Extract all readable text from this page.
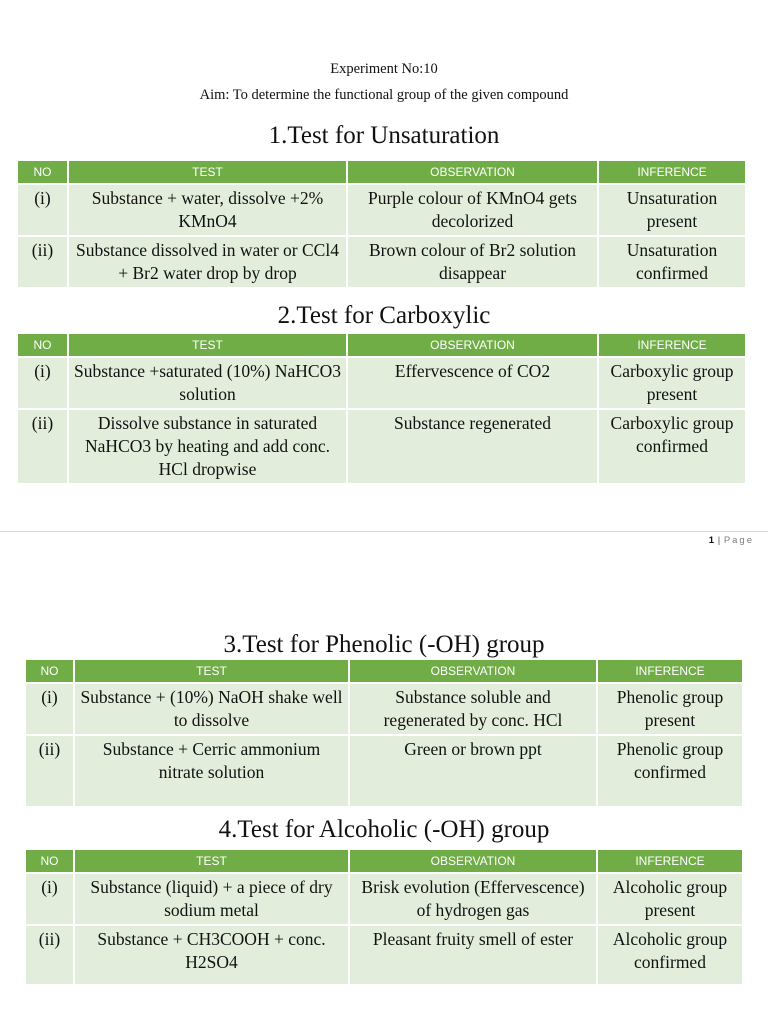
Experiment No:10
Aim: To determine the functional group of the given compound
1.Test for Unsaturation
NO	TEST	OBSERVATION	INFERENCE
(i)	Substance + water, dissolve +2% KMnO4	Purple colour of KMnO4 gets decolorized	Unsaturation present
(ii)	Substance dissolved in water or CCl4 + Br2 water drop by drop	Brown colour of Br2 solution disappear	Unsaturation confirmed
2.Test for Carboxylic
NO	TEST	OBSERVATION	INFERENCE
(i)	Substance +saturated (10%) NaHCO3 solution	Effervescence of CO2	Carboxylic group present
(ii)	Dissolve substance in saturated NaHCO3 by heating and add conc. HCl dropwise	Substance regenerated	Carboxylic group confirmed
1 | Page
3.Test for Phenolic (-OH) group
NO	TEST	OBSERVATION	INFERENCE
(i)	Substance + (10%) NaOH shake well to dissolve	Substance soluble and regenerated by conc. HCl	Phenolic group present
(ii)	Substance + Cerric ammonium nitrate solution	Green or brown ppt	Phenolic group confirmed
4.Test for Alcoholic (-OH) group
NO	TEST	OBSERVATION	INFERENCE
(i)	Substance (liquid) + a piece of dry sodium metal	Brisk evolution (Effervescence) of hydrogen gas	Alcoholic group present
(ii)	Substance + CH3COOH + conc. H2SO4	Pleasant fruity smell of ester	Alcoholic group confirmed
